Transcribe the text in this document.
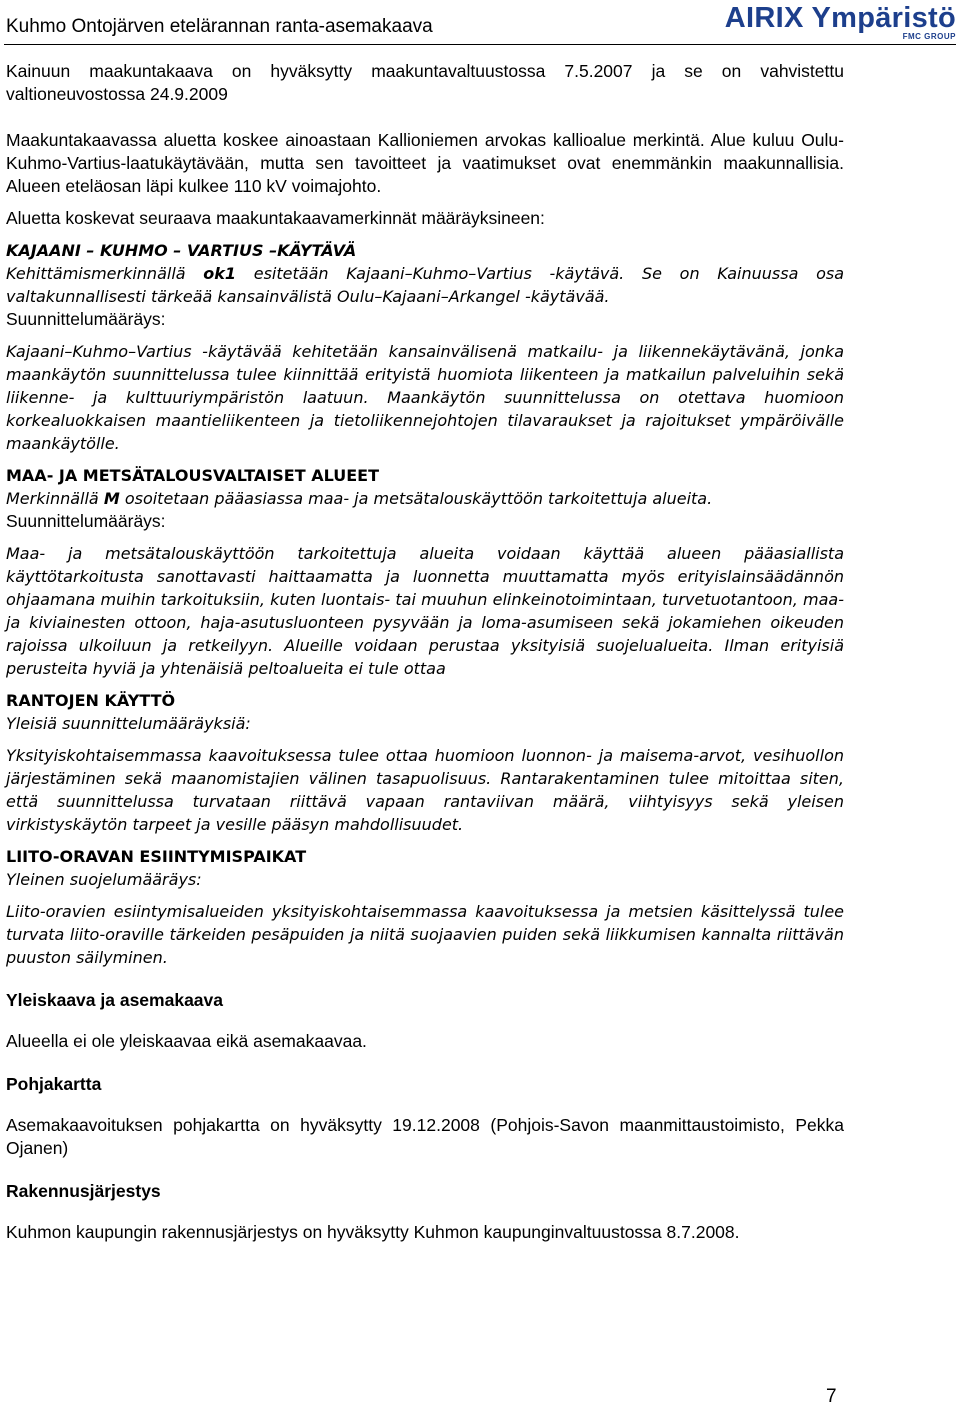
Kuhmo Ontojärven etelärannan ranta-asemakaava	AIRIX Ympäristö
FMC GROUP

Kainuun maakuntakaava on hyväksytty maakuntavaltuustossa 7.5.2007 ja se on vahvistettu valtioneuvostossa 24.9.2009

Maakuntakaavassa aluetta koskee ainoastaan Kallioniemen arvokas kallioalue merkintä. Alue kuluu Oulu-Kuhmo-Vartius-laatukäytävään, mutta sen tavoitteet ja vaatimukset ovat enemmänkin maakunnallisia. Alueen eteläosan läpi kulkee 110 kV voimajohto.

Aluetta koskevat seuraava maakuntakaavamerkinnät määräyksineen:

KAJAANI – KUHMO – VARTIUS –KÄYTÄVÄ

Kehittämismerkinnällä ok1 esitetään Kajaani–Kuhmo–Vartius -käytävä. Se on Kainuussa osa valtakunnallisesti tärkeää kansainvälistä Oulu–Kajaani–Arkangel -käytävää.

Suunnittelumääräys:

Kajaani–Kuhmo–Vartius -käytävää kehitetään kansainvälisenä matkailu- ja liikennekäytävänä, jonka maankäytön suunnittelussa tulee kiinnittää erityistä huomiota liikenteen ja matkailun palveluihin sekä liikenne- ja kulttuuriympäristön laatuun. Maankäytön suunnittelussa on otettava huomioon korkealuokkaisen maantieliikenteen ja tietoliikennejohtojen tilavaraukset ja rajoitukset ympäröivälle maankäytölle.

MAA- JA METSÄTALOUSVALTAISET ALUEET

Merkinnällä M osoitetaan pääasiassa maa- ja metsätalouskäyttöön tarkoitettuja alueita.

Suunnittelumääräys:

Maa- ja metsätalouskäyttöön tarkoitettuja alueita voidaan käyttää alueen pääasiallista käyttötarkoitusta sanottavasti haittaamatta ja luonnetta muuttamatta myös erityislainsäädännön ohjaamana muihin tarkoituksiin, kuten luontais- tai muuhun elinkeinotoimintaan, turvetuotantoon, maa- ja kiviainesten ottoon, haja-asutusluonteen pysyvään ja loma-asumiseen sekä jokamiehen oikeuden rajoissa ulkoiluun ja retkeilyyn. Alueille voidaan perustaa yksityisiä suojelualueita. Ilman erityisiä perusteita hyviä ja yhtenäisiä peltoalueita ei tule ottaa

RANTOJEN KÄYTTÖ

Yleisiä suunnittelumääräyksiä:

Yksityiskohtaisemmassa kaavoituksessa tulee ottaa huomioon luonnon- ja maisema-arvot, vesihuollon järjestäminen sekä maanomistajien välinen tasapuolisuus. Rantarakentaminen tulee mitoittaa siten, että suunnittelussa turvataan riittävä vapaan rantaviivan määrä, viihtyisyys sekä yleisen virkistyskäytön tarpeet ja vesille pääsyn mahdollisuudet.

LIITO-ORAVAN ESIINTYMISPAIKAT

Yleinen suojelumääräys:

Liito-oravien esiintymisalueiden yksityiskohtaisemmassa kaavoituksessa ja metsien käsittelyssä tulee turvata liito-oraville tärkeiden pesäpuiden ja niitä suojaavien puiden sekä liikkumisen kannalta riittävän puuston säilyminen.

Yleiskaava ja asemakaava

Alueella ei ole yleiskaavaa eikä asemakaavaa.

Pohjakartta

Asemakaavoituksen pohjakartta on hyväksytty 19.12.2008 (Pohjois-Savon maanmittaustoimisto, Pekka Ojanen)

Rakennusjärjestys

Kuhmon kaupungin rakennusjärjestys on hyväksytty Kuhmon kaupunginvaltuustossa 8.7.2008.

7
